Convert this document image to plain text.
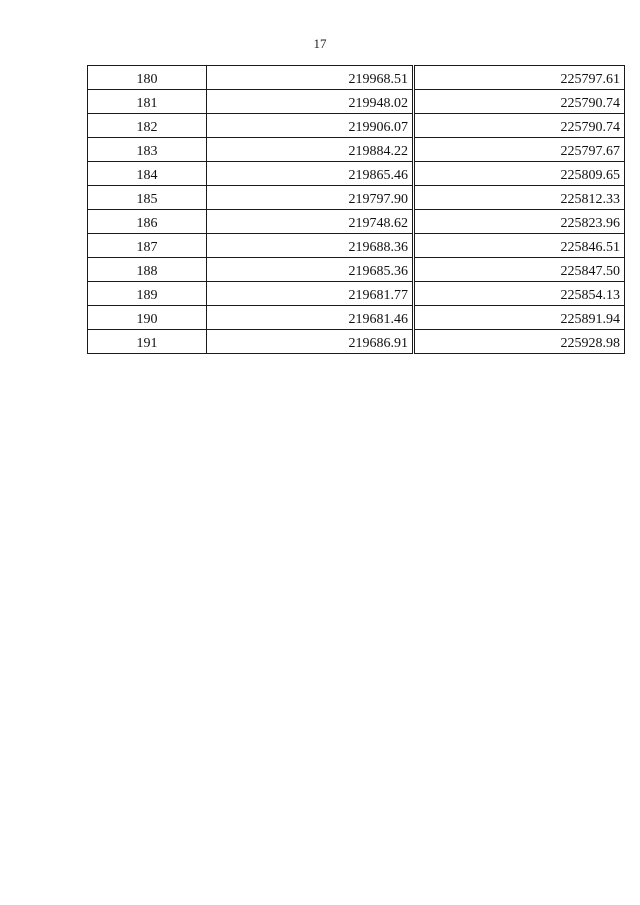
17
180	219968.51	225797.61
181	219948.02	225790.74
182	219906.07	225790.74
183	219884.22	225797.67
184	219865.46	225809.65
185	219797.90	225812.33
186	219748.62	225823.96
187	219688.36	225846.51
188	219685.36	225847.50
189	219681.77	225854.13
190	219681.46	225891.94
191	219686.91	225928.98
